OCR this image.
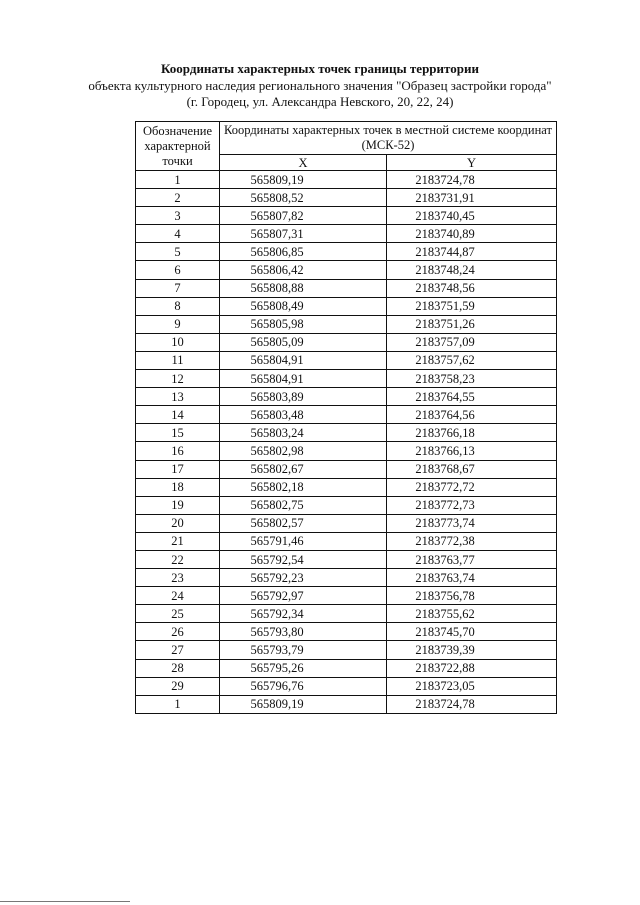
Координаты характерных точек границы территории
объекта культурного наследия регионального значения "Образец застройки города"
(г. Городец, ул. Александра Невского, 20, 22, 24)
Обозначение характерной точки	Координаты характерных точек в местной системе координат (МСК-52)	
	X	Y
1	565809,19	2183724,78
2	565808,52	2183731,91
3	565807,82	2183740,45
4	565807,31	2183740,89
5	565806,85	2183744,87
6	565806,42	2183748,24
7	565808,88	2183748,56
8	565808,49	2183751,59
9	565805,98	2183751,26
10	565805,09	2183757,09
11	565804,91	2183757,62
12	565804,91	2183758,23
13	565803,89	2183764,55
14	565803,48	2183764,56
15	565803,24	2183766,18
16	565802,98	2183766,13
17	565802,67	2183768,67
18	565802,18	2183772,72
19	565802,75	2183772,73
20	565802,57	2183773,74
21	565791,46	2183772,38
22	565792,54	2183763,77
23	565792,23	2183763,74
24	565792,97	2183756,78
25	565792,34	2183755,62
26	565793,80	2183745,70
27	565793,79	2183739,39
28	565795,26	2183722,88
29	565796,76	2183723,05
1	565809,19	2183724,78
